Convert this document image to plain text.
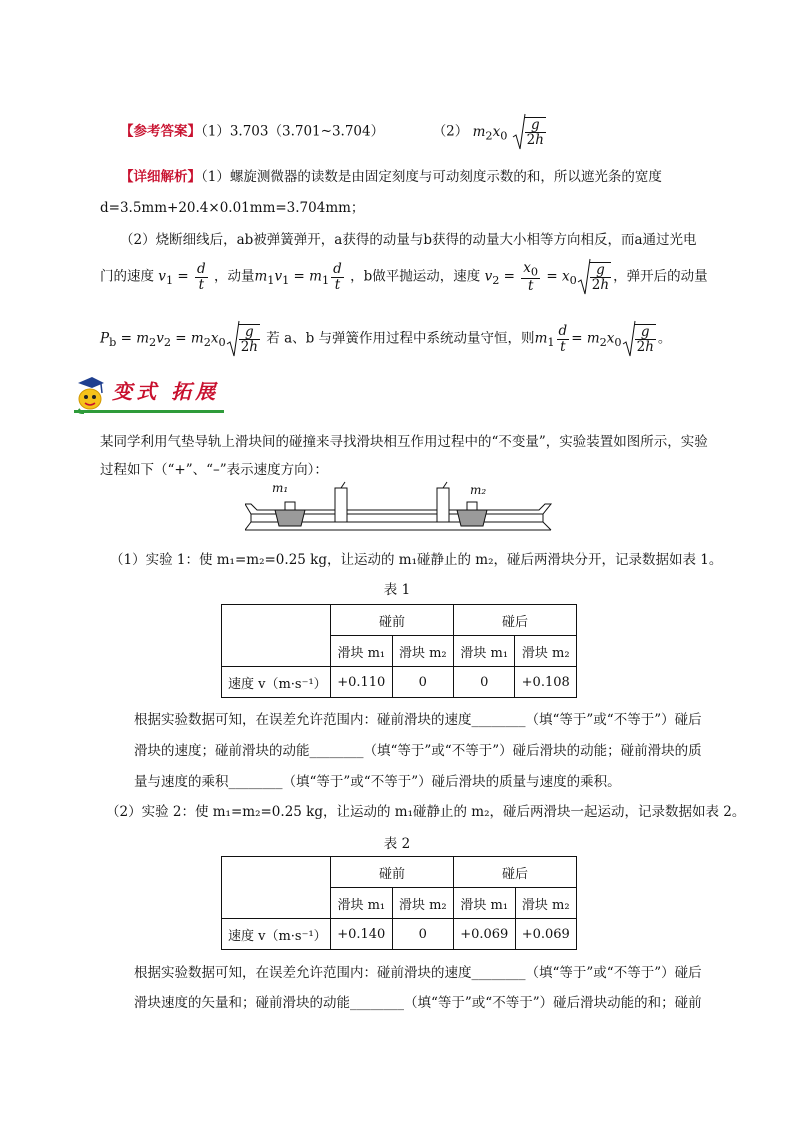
【参考答案】（1）3.703（3.701~3.704）	（2） $m_2x_0 \frac{g}{2h}$
【详细解析】（1）螺旋测微器的读数是由固定刻度与可动刻度示数的和，所以遮光条的宽度
d=3.5mm+20.4×0.01mm=3.704mm；
（2）烧断细线后，ab被弹簧弹开，a获得的动量与b获得的动量大小相等方向相反，而a通过光电
门的速度 $v_1 = \frac{d}{t}$ ，动量$m_1v_1 = m_1 \frac{d}{t}$ ，b做平抛运动，速度 $v_2 = \frac{x_0}{t} = x_0 \frac{g}{2h}$ ，弹开后的动量
$P_b = m_2v_2 = m_2x_0 \frac{g}{2h}$ 若 a、b 与弹簧作用过程中系统动量守恒，则$m_1 \frac{d}{t} = m_2x_0 \frac{g}{2h}$ 。
变式 拓展
某同学利用气垫导轨上滑块间的碰撞来寻找滑块相互作用过程中的“不变量”，实验装置如图所示，实验
过程如下（“+”、“–”表示速度方向）：
m₁	m₂
（1）实验 1：使 m₁=m₂=0.25 kg，让运动的 m₁碰静止的 m₂，碰后两滑块分开，记录数据如表 1。
表 1
	碰前		碰后	
	滑块 m₁	滑块 m₂	滑块 m₁	滑块 m₂
速度 v（m·s⁻¹）	+0.110	0	0	+0.108
根据实验数据可知，在误差允许范围内：碰前滑块的速度________（填“等于”或“不等于”）碰后
滑块的速度；碰前滑块的动能________（填“等于”或“不等于”）碰后滑块的动能；碰前滑块的质
量与速度的乘积________（填“等于”或“不等于”）碰后滑块的质量与速度的乘积。
（2）实验 2：使 m₁=m₂=0.25 kg，让运动的 m₁碰静止的 m₂，碰后两滑块一起运动，记录数据如表 2。
表 2
	碰前		碰后	
	滑块 m₁	滑块 m₂	滑块 m₁	滑块 m₂
速度 v（m·s⁻¹）	+0.140	0	+0.069	+0.069
根据实验数据可知，在误差允许范围内：碰前滑块的速度________（填“等于”或“不等于”）碰后
滑块速度的矢量和；碰前滑块的动能________（填“等于”或“不等于”）碰后滑块动能的和；碰前
